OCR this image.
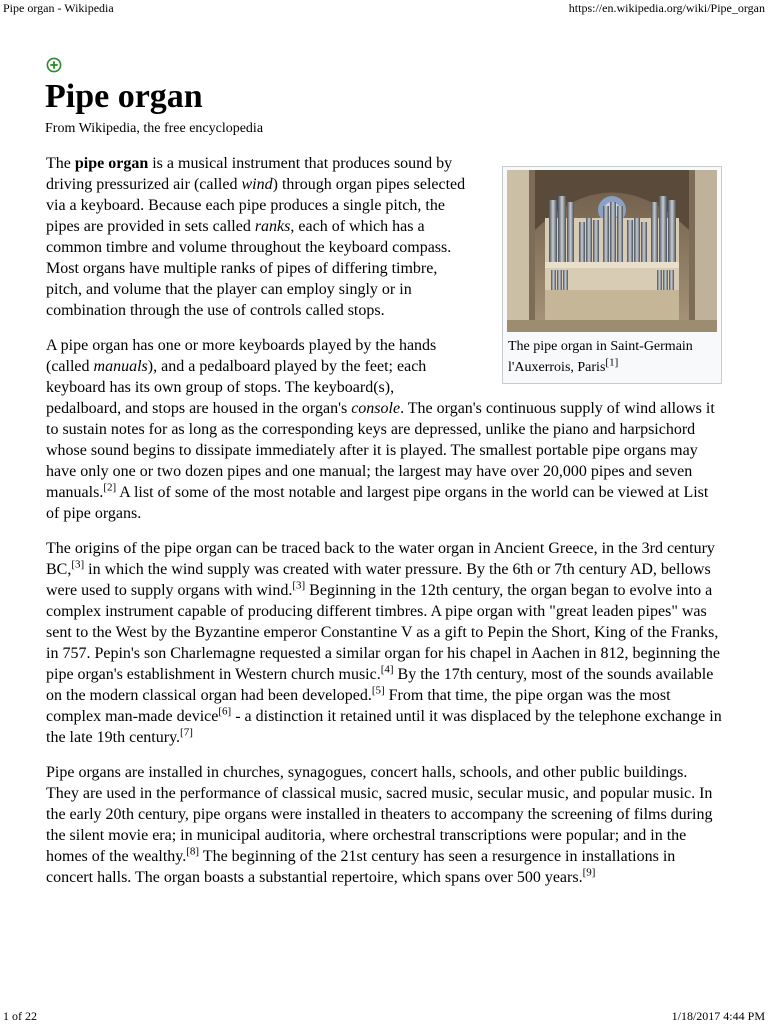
Pipe organ - Wikipedia	https://en.wikipedia.org/wiki/Pipe_organ
Pipe organ
From Wikipedia, the free encyclopedia
The pipe organ in Saint-Germain l'Auxerrois, Paris[1]

The pipe organ is a musical instrument that produces sound by driving pressurized air (called wind) through organ pipes selected via a keyboard. Because each pipe produces a single pitch, the pipes are provided in sets called ranks, each of which has a common timbre and volume throughout the keyboard compass. Most organs have multiple ranks of pipes of differing timbre, pitch, and volume that the player can employ singly or in combination through the use of controls called stops.

A pipe organ has one or more keyboards played by the hands (called manuals), and a pedalboard played by the feet; each keyboard has its own group of stops. The keyboard(s), pedalboard, and stops are housed in the organ's console. The organ's continuous supply of wind allows it to sustain notes for as long as the corresponding keys are depressed, unlike the piano and harpsichord whose sound begins to dissipate immediately after it is played. The smallest portable pipe organs may have only one or two dozen pipes and one manual; the largest may have over 20,000 pipes and seven manuals.[2] A list of some of the most notable and largest pipe organs in the world can be viewed at List of pipe organs.

The origins of the pipe organ can be traced back to the water organ in Ancient Greece, in the 3rd century BC,[3] in which the wind supply was created with water pressure. By the 6th or 7th century AD, bellows were used to supply organs with wind.[3] Beginning in the 12th century, the organ began to evolve into a complex instrument capable of producing different timbres. A pipe organ with "great leaden pipes" was sent to the West by the Byzantine emperor Constantine V as a gift to Pepin the Short, King of the Franks, in 757. Pepin's son Charlemagne requested a similar organ for his chapel in Aachen in 812, beginning the pipe organ's establishment in Western church music.[4] By the 17th century, most of the sounds available on the modern classical organ had been developed.[5] From that time, the pipe organ was the most complex man-made device[6] - a distinction it retained until it was displaced by the telephone exchange in the late 19th century.[7]

Pipe organs are installed in churches, synagogues, concert halls, schools, and other public buildings. They are used in the performance of classical music, sacred music, secular music, and popular music. In the early 20th century, pipe organs were installed in theaters to accompany the screening of films during the silent movie era; in municipal auditoria, where orchestral transcriptions were popular; and in the homes of the wealthy.[8] The beginning of the 21st century has seen a resurgence in installations in concert halls. The organ boasts a substantial repertoire, which spans over 500 years.[9]

1 of 22	1/18/2017 4:44 PM
